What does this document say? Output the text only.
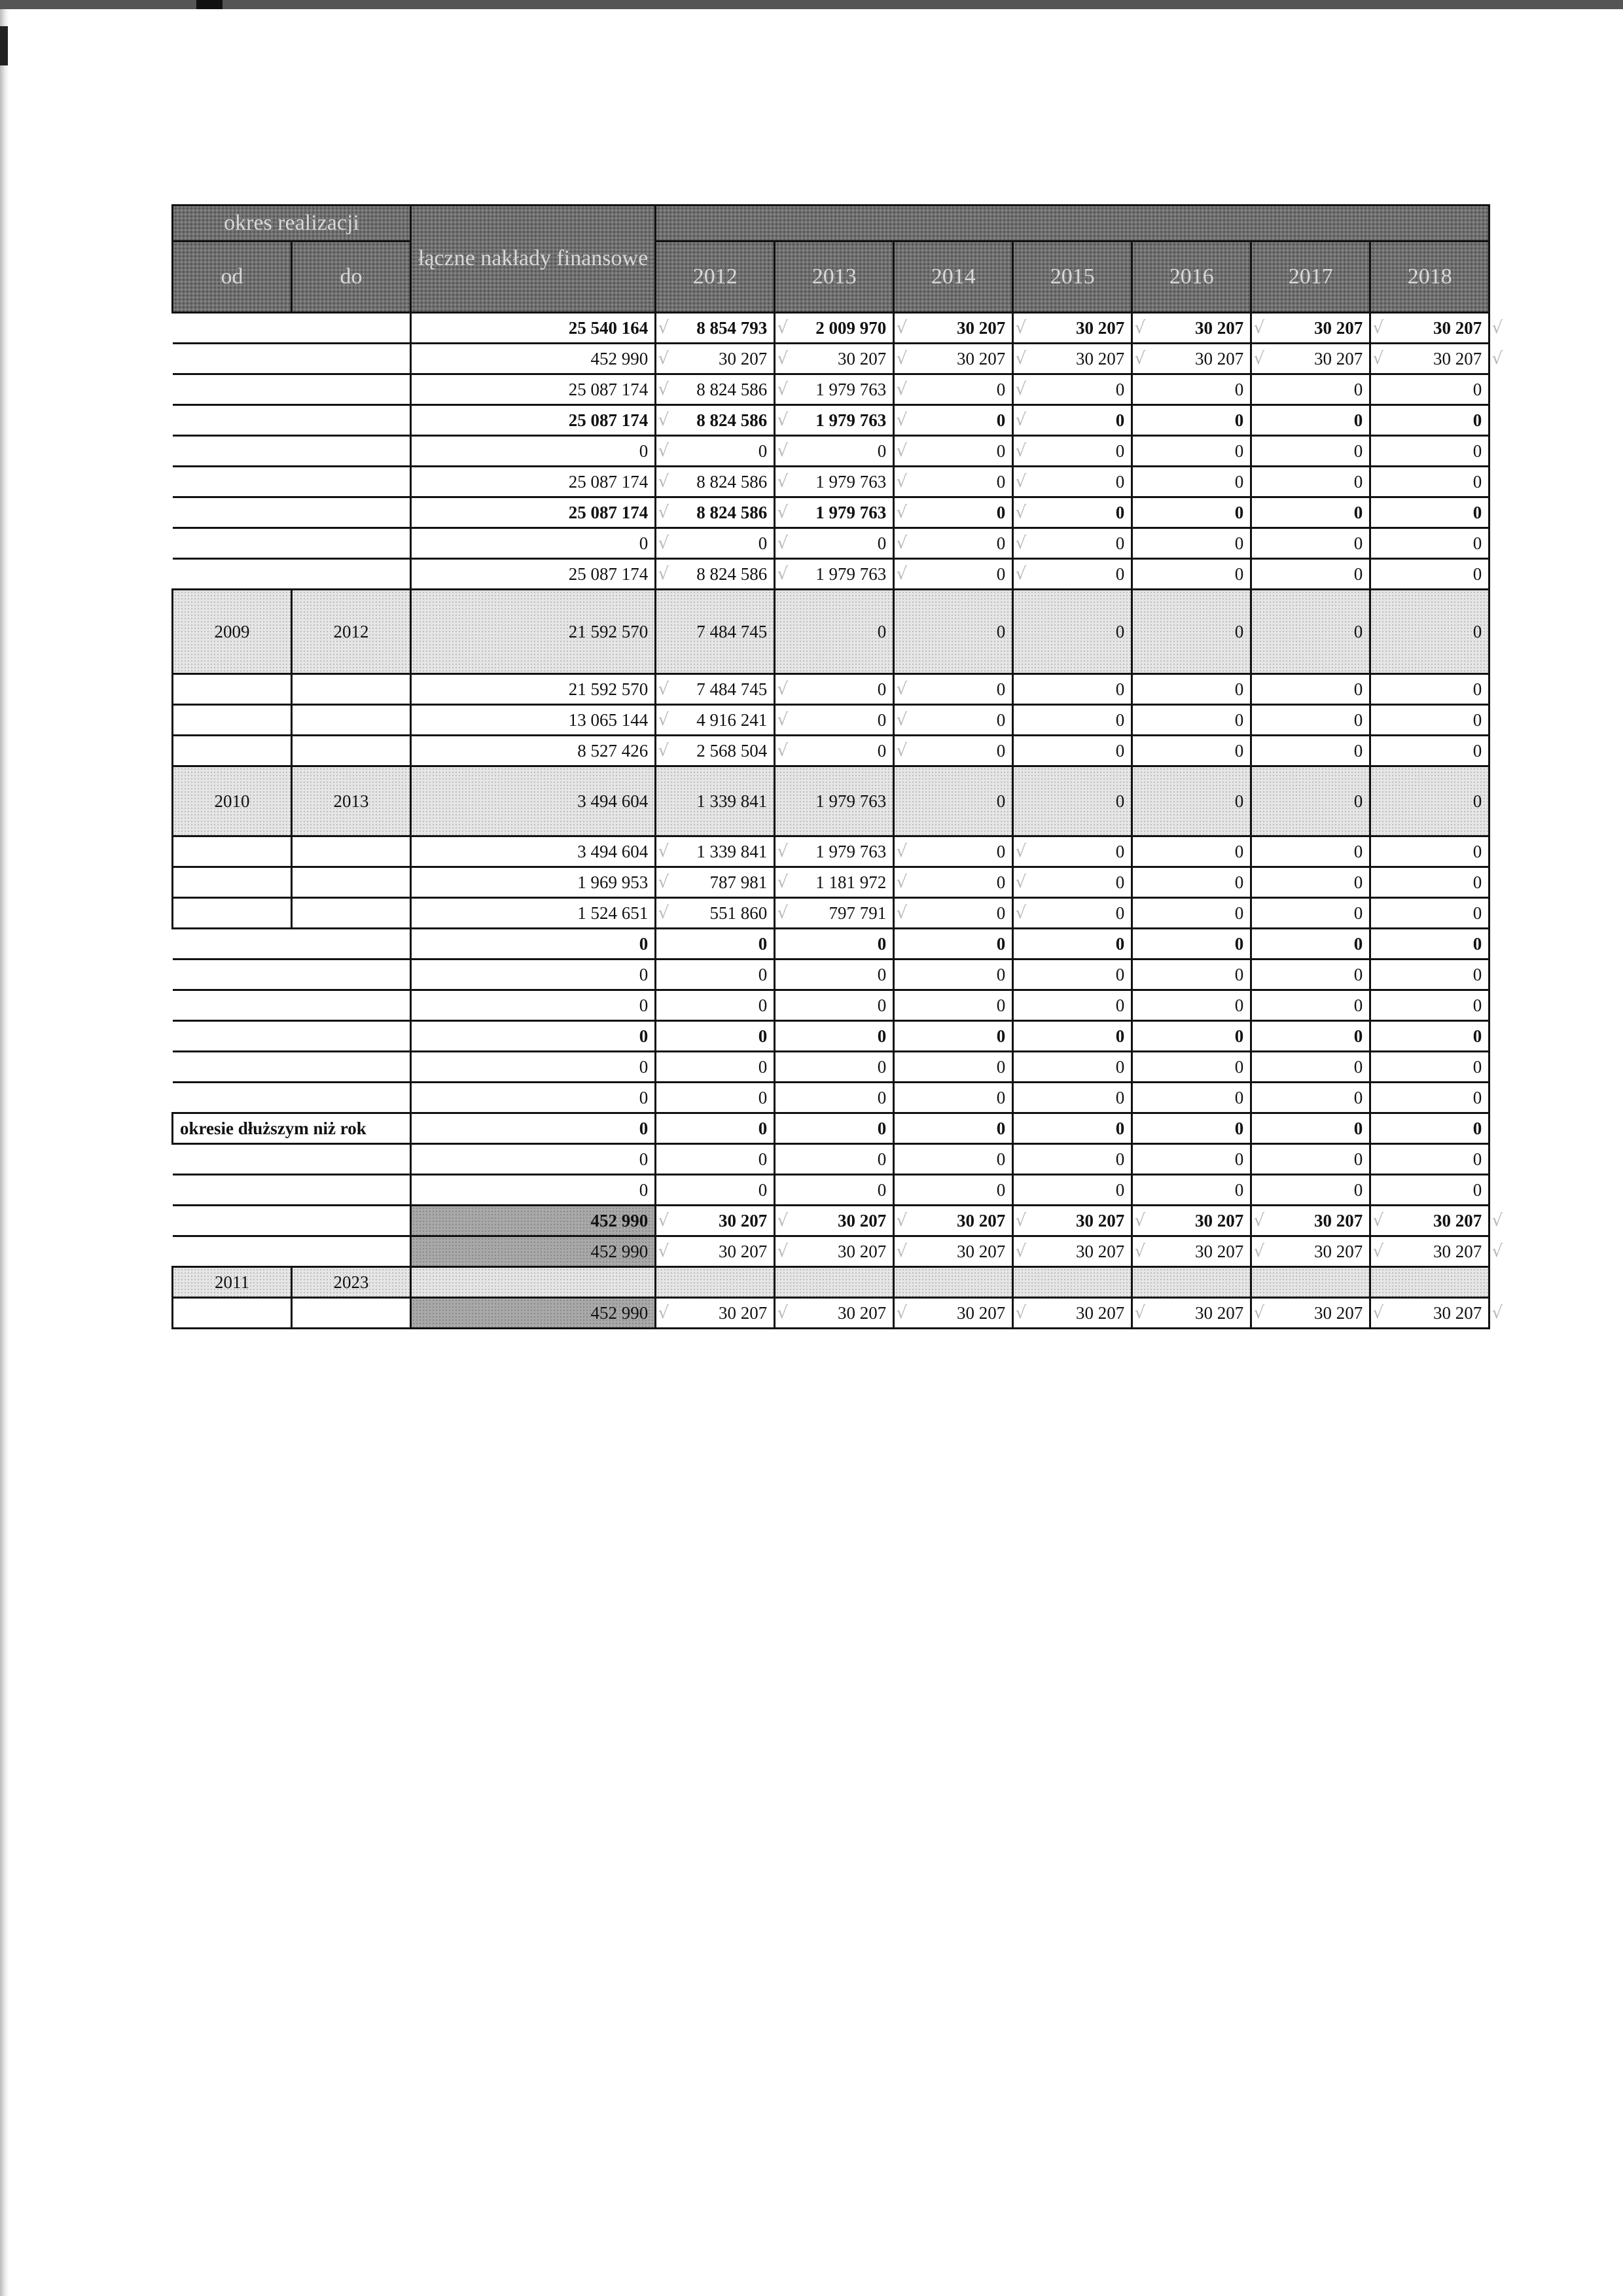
okres realizacji		łączne nakłady finansowe							
od	do		2012	2013	2014	2015	2016	2017	2018
		25 540 164 √	8 854 793 √	2 009 970 √	30 207 √	30 207 √	30 207 √	30 207 √	30 207 √

		452 990 √	30 207 √	30 207 √	30 207 √	30 207 √	30 207 √	30 207 √	30 207 √

		25 087 174 √	8 824 586 √	1 979 763 √	0 √	0	0	0	0
		25 087 174 √	8 824 586 √	1 979 763 √	0 √	0	0	0	0
		0 √	0 √	0 √	0 √	0	0	0	0
		25 087 174 √	8 824 586 √	1 979 763 √	0 √	0	0	0	0
		25 087 174 √	8 824 586 √	1 979 763 √	0 √	0	0	0	0
		0 √	0 √	0 √	0 √	0	0	0	0
		25 087 174 √	8 824 586 √	1 979 763 √	0 √	0	0	0	0
2009	2012	21 592 570	7 484 745	0	0	0	0	0	0
		21 592 570 √	7 484 745 √	0 √	0	0	0	0	0
		13 065 144 √	4 916 241 √	0 √	0	0	0	0	0
		8 527 426 √	2 568 504 √	0 √	0	0	0	0	0
2010	2013	3 494 604	1 339 841	1 979 763	0	0	0	0	0
		3 494 604 √	1 339 841 √	1 979 763 √	0 √	0	0	0	0
		1 969 953 √	787 981 √	1 181 972 √	0 √	0	0	0	0
		1 524 651 √	551 860 √	797 791 √	0 √	0	0	0	0
		0	0	0	0	0	0	0	0
		0	0	0	0	0	0	0	0
		0	0	0	0	0	0	0	0
		0	0	0	0	0	0	0	0
		0	0	0	0	0	0	0	0
		0	0	0	0	0	0	0	0
okresie dłuższym niż rok		0	0	0	0	0	0	0	0
		0	0	0	0	0	0	0	0
		0	0	0	0	0	0	0	0
		452 990 √	30 207 √	30 207 √	30 207 √	30 207 √	30 207 √	30 207 √	30 207 √

		452 990 √	30 207 √	30 207 √	30 207 √	30 207 √	30 207 √	30 207 √	30 207 √

2011	2023								
		452 990 √	30 207 √	30 207 √	30 207 √	30 207 √	30 207 √	30 207 √	30 207 √
